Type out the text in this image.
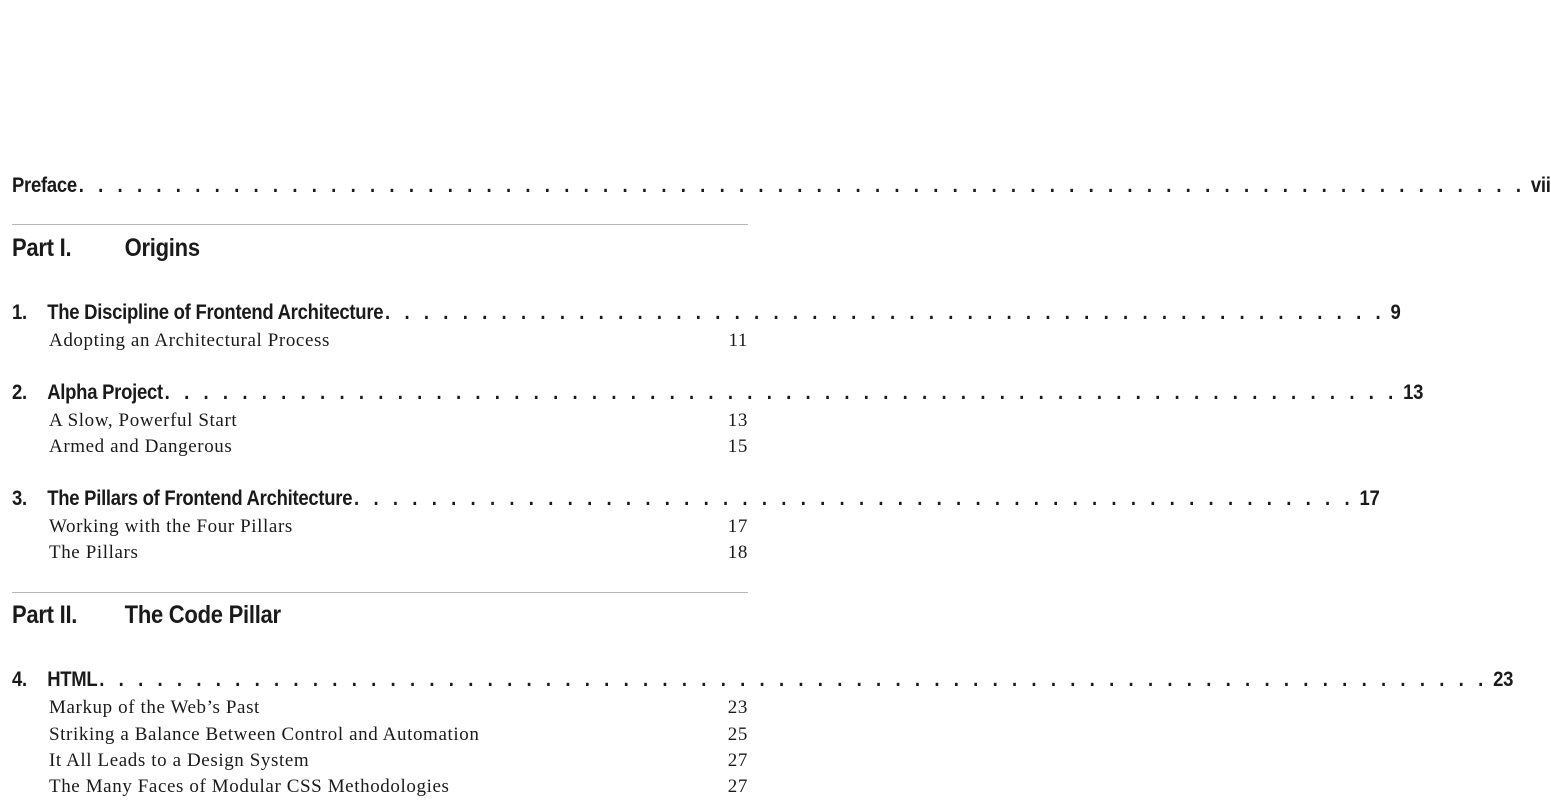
Preface . . . . . . . . . . . . . . . . . . . . . . . . . . . . . . . . . . . . . . . . . . . . . . . . . . . . . . . . . . . . . . . . . . . . . . . . . . . vii
Part I.	Origins
1. The Discipline of Frontend Architecture . . . . . . . . . . . . . . . . . . . . . . . . . . . . . . . . . . . . . . . . . . . . . . . . . . . . 9
Adopting an Architectural Process	11
2. Alpha Project . . . . . . . . . . . . . . . . . . . . . . . . . . . . . . . . . . . . . . . . . . . . . . . . . . . . . . . . . . . . . . . . 13
A Slow, Powerful Start	13
Armed and Dangerous	15
3. The Pillars of Frontend Architecture . . . . . . . . . . . . . . . . . . . . . . . . . . . . . . . . . . . . . . . . . . . . . . . . . . . . 17
Working with the Four Pillars	17
The Pillars	18
Part II.	The Code Pillar
4. HTML . . . . . . . . . . . . . . . . . . . . . . . . . . . . . . . . . . . . . . . . . . . . . . . . . . . . . . . . . . . . . . . . . . . . . . . . 23
Markup of the Web’s Past	23
Striking a Balance Between Control and Automation	25
It All Leads to a Design System	27
The Many Faces of Modular CSS Methodologies	27
